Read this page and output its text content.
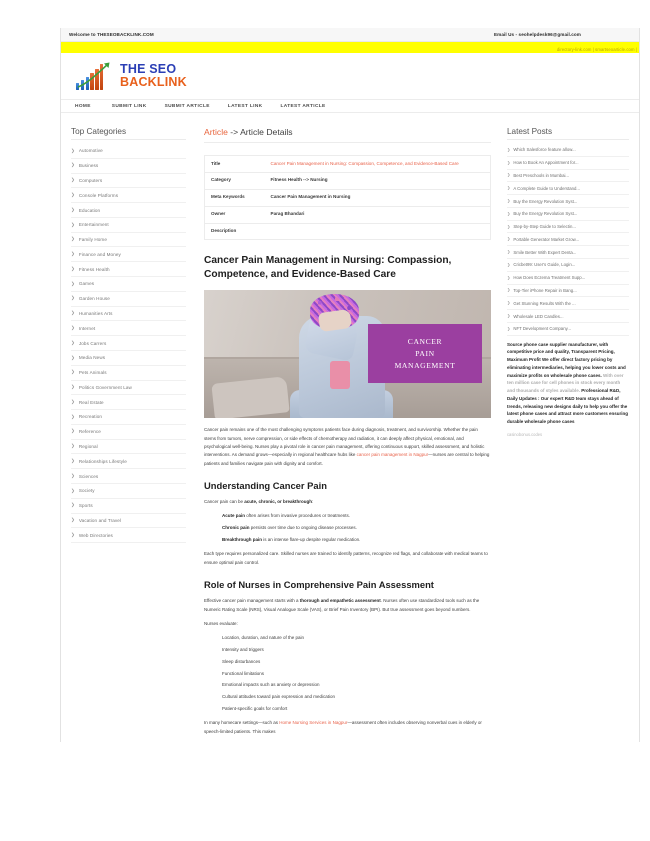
Welcome to THESEOBACKLINK.COM	Email Us - seohelpdesk96@gmail.com
directory-link.com | smartseoarticle.com |
THE SEO
BACKLINK
HOME	SUBMIT LINK	SUBMIT ARTICLE	LATEST LINK	LATEST ARTICLE
Top Categories
❯ Automotive
❯ Business
❯ Computers
❯ Console Platforms
❯ Education
❯ Entertainment
❯ Family Home
❯ Finance and Money
❯ Fitness Health
❯ Games
❯ Garden House
❯ Humanities Arts
❯ Internet
❯ Jobs Carrers
❯ Media News
❯ Pets Animals
❯ Politics Government Law
❯ Real Estate
❯ Recreation
❯ Reference
❯ Regional
❯ Relationships Lifestyle
❯ Sciences
❯ Society
❯ Sports
❯ Vacation and Travel
❯ Web Directories
Article -> Article Details
Title	Cancer Pain Management in Nursing: Compassion, Competence, and Evidence-Based Care
Category	Fitness Health --> Nursing
Meta Keywords	Cancer Pain Management in Nursing
Owner	Parag Bhandari
Description	
Cancer Pain Management in Nursing: Compassion, Competence, and Evidence-Based Care
CANCER
PAIN
MANAGEMENT

Cancer pain remains one of the most challenging symptoms patients face during diagnosis, treatment, and survivorship. Whether the pain stems from tumors, nerve compression, or side effects of chemotherapy and radiation, it can deeply affect physical, emotional, and psychological well-being. Nurses play a pivotal role in cancer pain management, offering continuous support, skilled assessment, and holistic interventions. As demand grows—especially in regional healthcare hubs like cancer pain management in Nagpur—nurses are central to helping patients and families navigate pain with dignity and comfort.

Understanding Cancer Pain

Cancer pain can be acute, chronic, or breakthrough:

Acute pain often arises from invasive procedures or treatments.
Chronic pain persists over time due to ongoing disease processes.
Breakthrough pain is an intense flare-up despite regular medication.

Each type requires personalized care. Skilled nurses are trained to identify patterns, recognize red flags, and collaborate with medical teams to ensure optimal pain control.

Role of Nurses in Comprehensive Pain Assessment

Effective cancer pain management starts with a thorough and empathetic assessment. Nurses often use standardized tools such as the Numeric Rating Scale (NRS), Visual Analogue Scale (VAS), or Brief Pain Inventory (BPI). But true assessment goes beyond numbers.

Nurses evaluate:

Location, duration, and nature of the pain
Intensity and triggers
Sleep disturbances
Functional limitations
Emotional impacts such as anxiety or depression
Cultural attitudes toward pain expression and medication
Patient-specific goals for comfort

In many homecare settings—such as Home Nursing Services in Nagpur—assessment often includes observing nonverbal cues in elderly or speech-limited patients. This makes

Latest Posts
❯ Which Salesforce feature allow...
❯ How to Book An Appointment for...
❯ Best Preschools in Mumbai...
❯ A Complete Guide to Understand...
❯ Buy the Energy Revolution Syst...
❯ Buy the Energy Revolution Syst...
❯ Step-by-Step Guide to Selectin...
❯ Portable Generator Market Grow...
❯ Smile Better With Expert Denta...
❯ Cricbet99: User's Guide, Login...
❯ How Does Eczema Treatment Supp...
❯ Top-Tier iPhone Repair in Bang...
❯ Get Stunning Results With the ...
❯ Wholesale LED Candles...
❯ NFT Development Company...

Source phone case supplier manufacturer, with competitive price and quality, Transparent Pricing, Maximum Profit We offer direct factory pricing by eliminating intermediaries, helping you lower costs and maximize profits on wholesale phone cases. With over ten million case for cell phones in stock every month and thousands of styles available. Professional R&D, Daily Updates : Our expert R&D team stays ahead of trends, releasing new designs daily to help you offer the latest phone cases and attract more customers ensuring durable wholesale phone cases

casinobonus.codes
